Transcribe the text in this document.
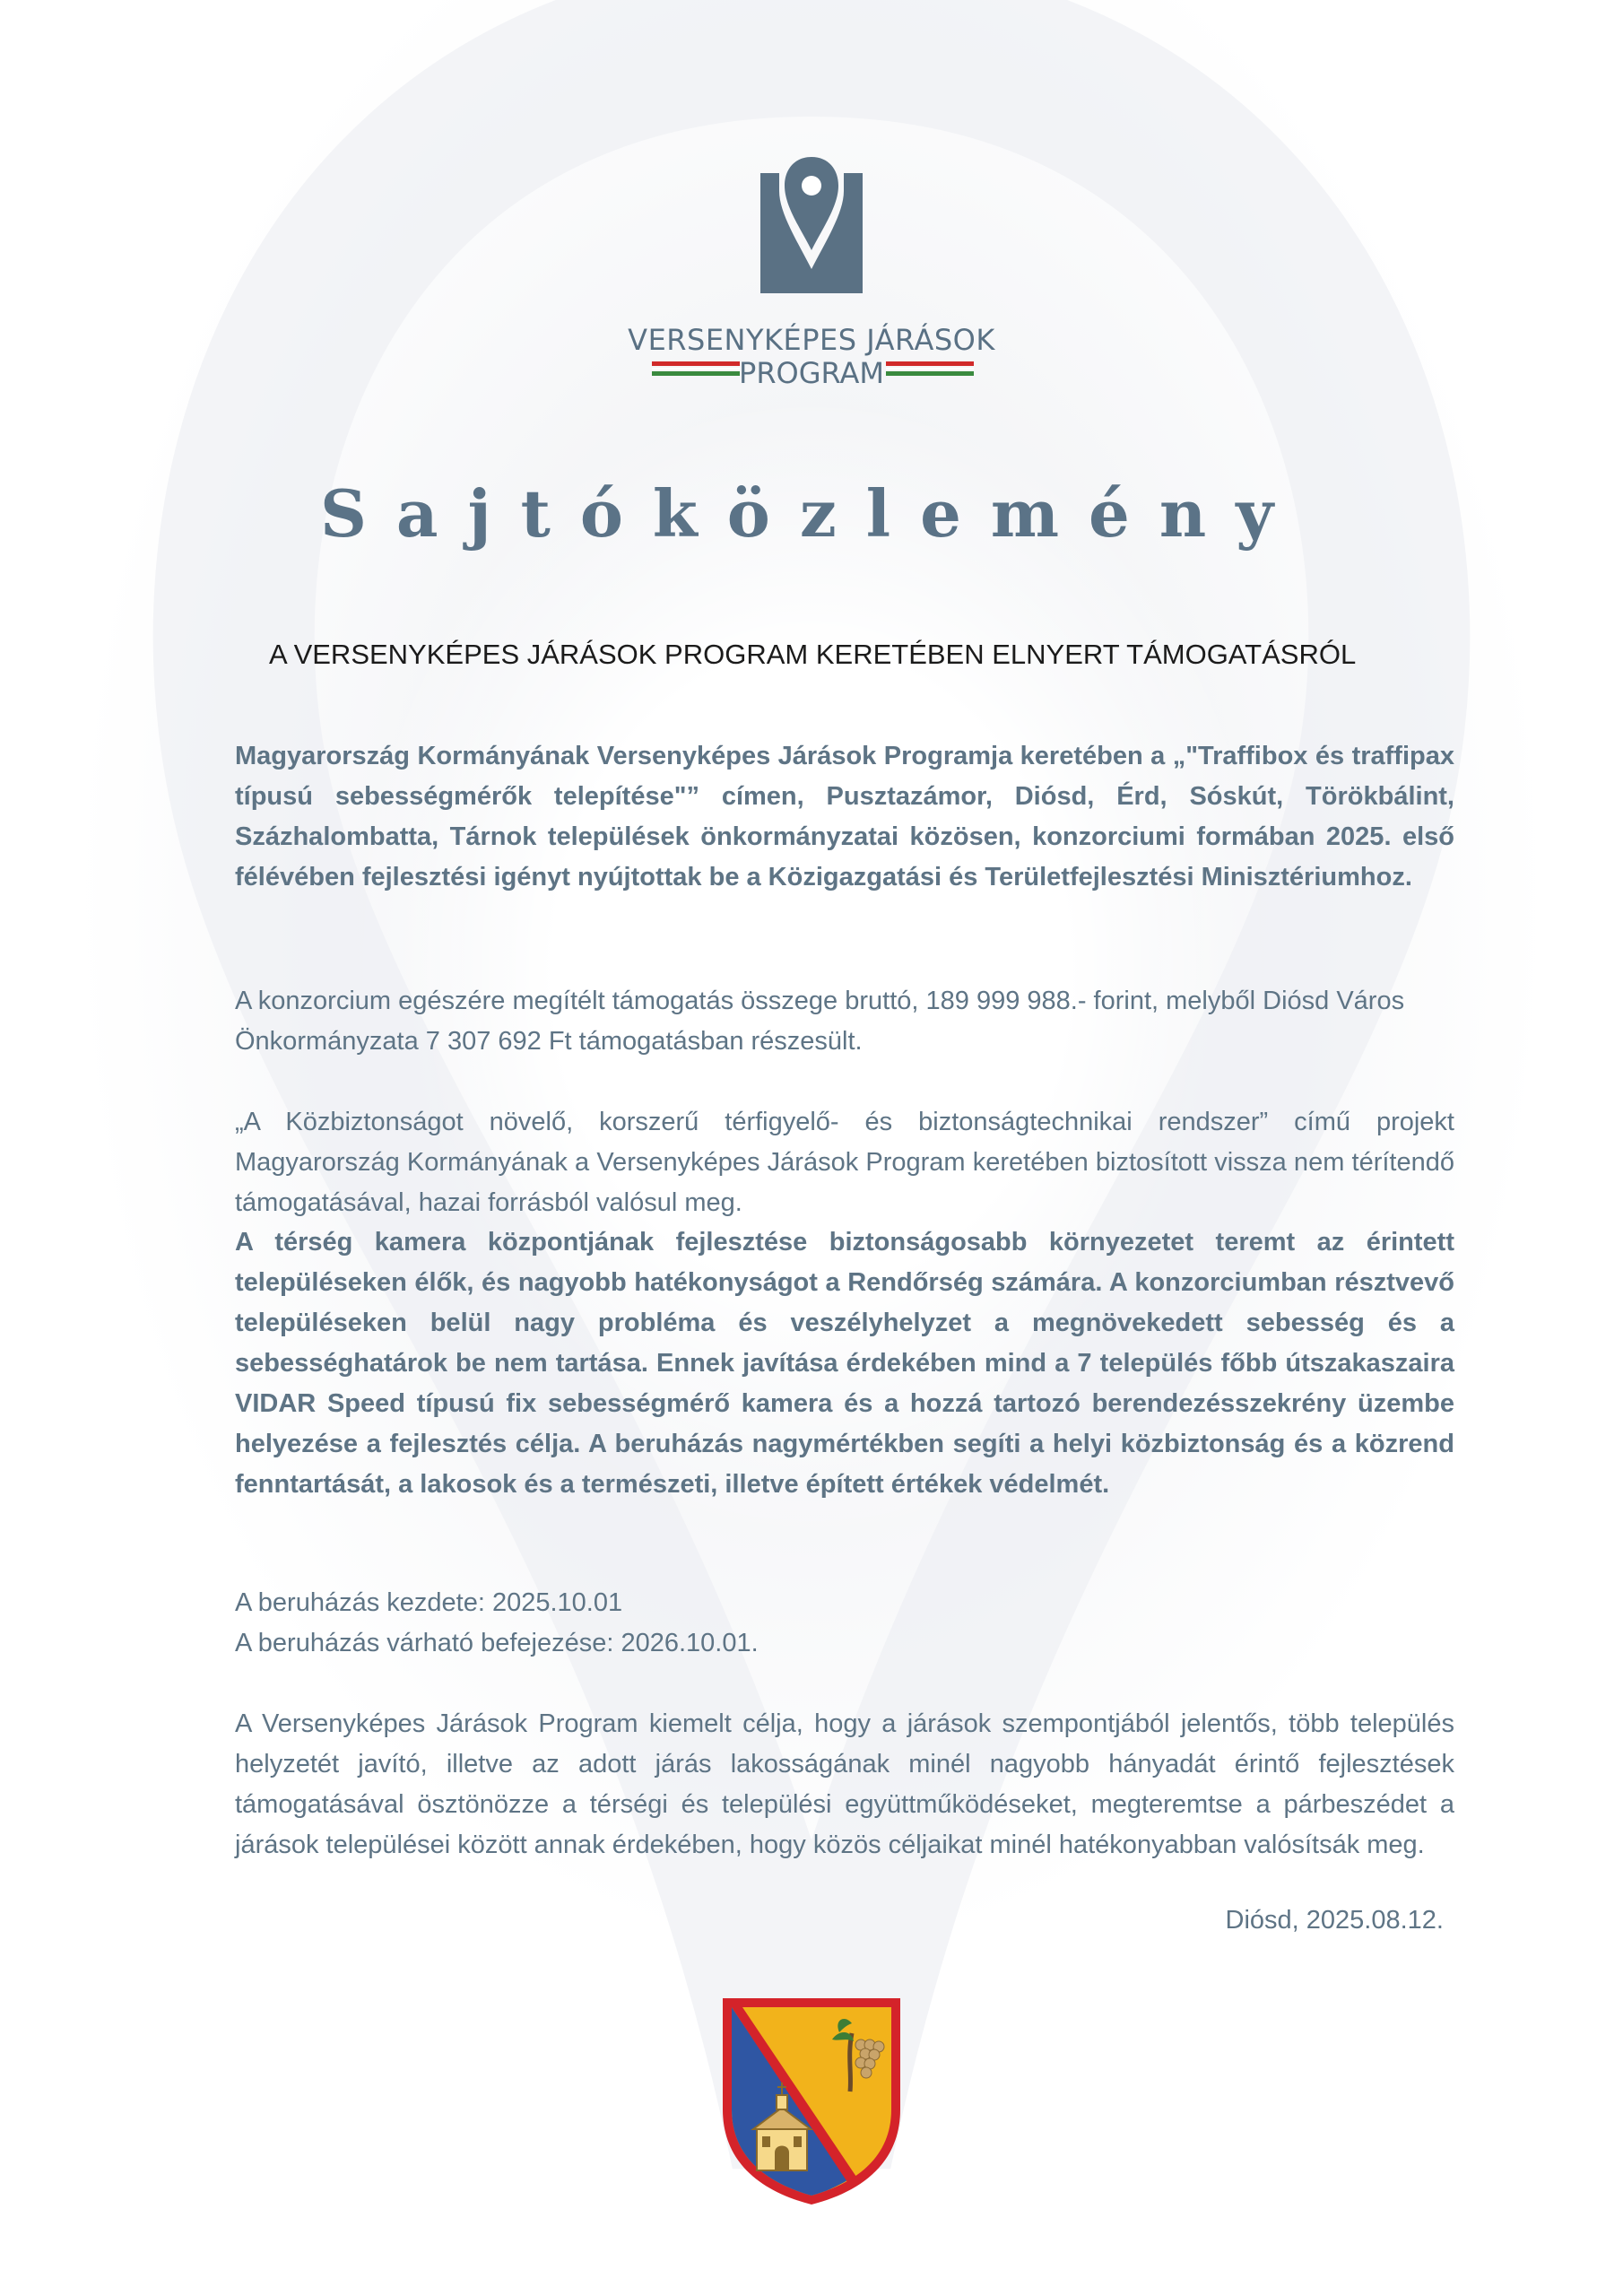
VERSENYKÉPES JÁRÁSOK
PROGRAM
Sajtóközlemény
A VERSENYKÉPES JÁRÁSOK PROGRAM KERETÉBEN ELNYERT TÁMOGATÁSRÓL
Magyarország Kormányának Versenyképes Járások Programja keretében a „"Traffibox és traffipax típusú sebességmérők telepítése"” címen, Pusztazámor, Diósd, Érd, Sóskút, Törökbálint, Százhalombatta, Tárnok települések önkormányzatai közösen, konzorciumi formában 2025. első félévében fejlesztési igényt nyújtottak be a Közigazgatási és Területfejlesztési Minisztériumhoz.
A konzorcium egészére megítélt támogatás összege bruttó, 189 999 988.- forint, melyből Diósd Város Önkormányzata 7 307 692 Ft támogatásban részesült.
„A Közbiztonságot növelő, korszerű térfigyelő- és biztonságtechnikai rendszer” című projekt Magyarország Kormányának a Versenyképes Járások Program keretében biztosított vissza nem térítendő támogatásával, hazai forrásból valósul meg.
A térség kamera központjának fejlesztése biztonságosabb környezetet teremt az érintett településeken élők, és nagyobb hatékonyságot a Rendőrség számára. A konzorciumban résztvevő településeken belül nagy probléma és veszélyhelyzet a megnövekedett sebesség és a sebességhatárok be nem tartása. Ennek javítása érdekében mind a 7 település főbb útszakaszaira VIDAR Speed típusú fix sebességmérő kamera és a hozzá tartozó berendezésszekrény üzembe helyezése a fejlesztés célja. A beruházás nagymértékben segíti a helyi közbiztonság és a közrend fenntartását, a lakosok és a természeti, illetve épített értékek védelmét.
A beruházás kezdete: 2025.10.01
A beruházás várható befejezése: 2026.10.01.
A Versenyképes Járások Program kiemelt célja, hogy a járások szempontjából jelentős, több település helyzetét javító, illetve az adott járás lakosságának minél nagyobb hányadát érintő fejlesztések támogatásával ösztönözze a térségi és települési együttműködéseket, megteremtse a párbeszédet a járások települései között annak érdekében, hogy közös céljaikat minél hatékonyabban valósítsák meg.
Diósd, 2025.08.12.
